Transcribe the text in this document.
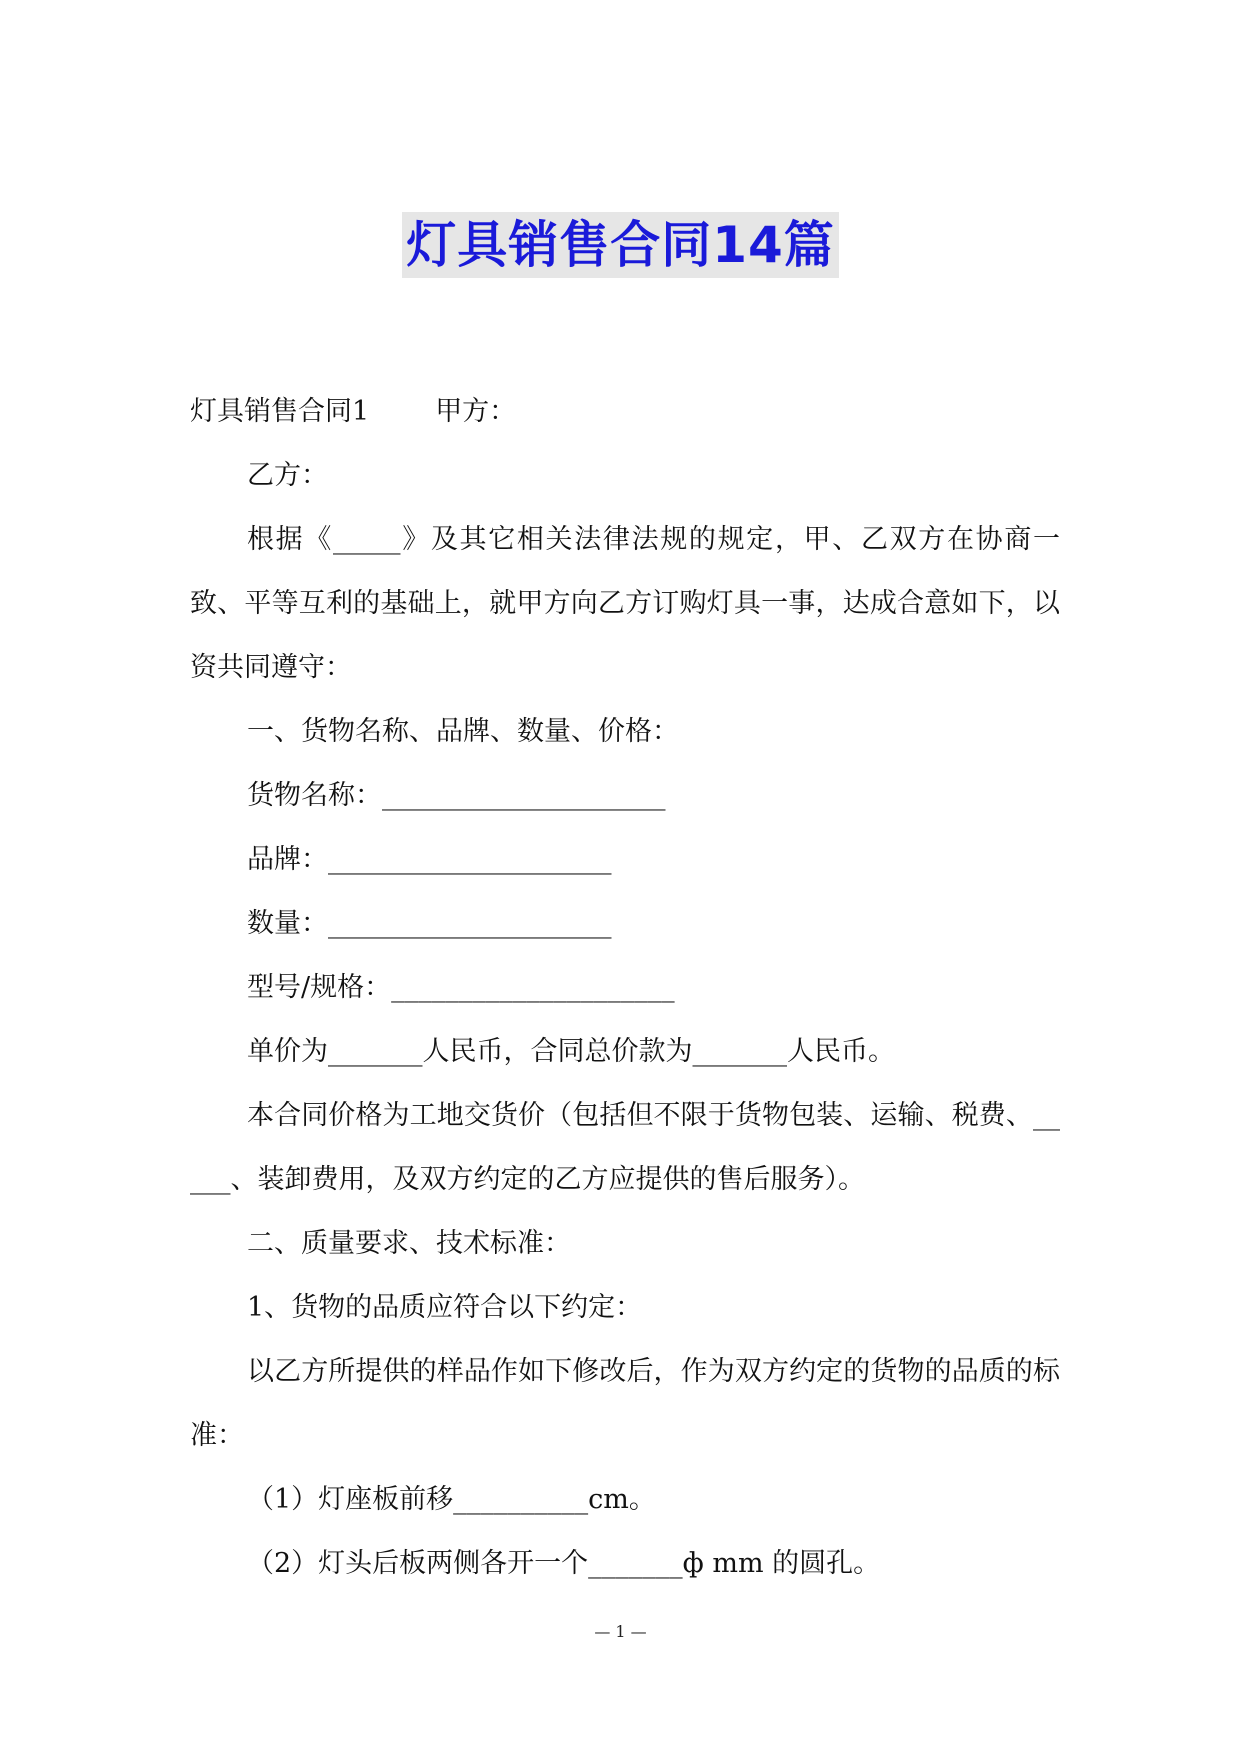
灯具销售合同14篇

灯具销售合同1 甲方：

乙方：

根据《_____》及其它相关法律法规的规定，甲、乙双方在协商一致、平等互利的基础上，就甲方向乙方订购灯具一事，达成合意如下，以资共同遵守：

一、货物名称、品牌、数量、价格：

货物名称：_____________________

品牌：_____________________

数量：_____________________

型号/规格：_____________________

单价为_______人民币，合同总价款为_______人民币。

本合同价格为工地交货价（包括但不限于货物包装、运输、税费、_____、装卸费用，及双方约定的乙方应提供的售后服务）。

二、质量要求、技术标准：

1、货物的品质应符合以下约定：

以乙方所提供的样品作如下修改后，作为双方约定的货物的品质的标准：

（1）灯座板前移__________cm。

（2）灯头后板两侧各开一个_______ф mm 的圆孔。

— 1 —
